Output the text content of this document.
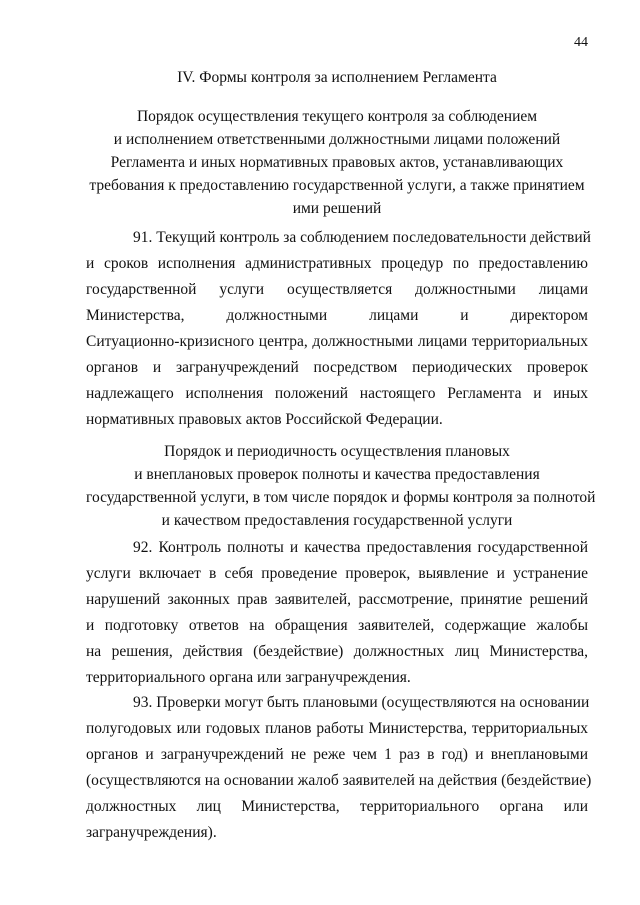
44
IV. Формы контроля за исполнением Регламента
Порядок осуществления текущего контроля за соблюдением
и исполнением ответственными должностными лицами положений
Регламента и иных нормативных правовых актов, устанавливающих
требования к предоставлению государственной услуги, а также принятием
ими решений
91. Текущий контроль за соблюдением последовательности действий
и сроков исполнения административных процедур по предоставлению
государственной услуги осуществляется должностными лицами
Министерства, должностными лицами и директором
Ситуационно-кризисного центра, должностными лицами территориальных
органов и загранучреждений посредством периодических проверок
надлежащего исполнения положений настоящего Регламента и иных
нормативных правовых актов Российской Федерации.
Порядок и периодичность осуществления плановых
и внеплановых проверок полноты и качества предоставления
государственной услуги, в том числе порядок и формы контроля за полнотой
и качеством предоставления государственной услуги
92. Контроль полноты и качества предоставления государственной
услуги включает в себя проведение проверок, выявление и устранение
нарушений законных прав заявителей, рассмотрение, принятие решений
и подготовку ответов на обращения заявителей, содержащие жалобы
на решения, действия (бездействие) должностных лиц Министерства,
территориального органа или загранучреждения.
93. Проверки могут быть плановыми (осуществляются на основании
полугодовых или годовых планов работы Министерства, территориальных
органов и загранучреждений не реже чем 1 раз в год) и внеплановыми
(осуществляются на основании жалоб заявителей на действия (бездействие)
должностных лиц Министерства, территориального органа или
загранучреждения).
